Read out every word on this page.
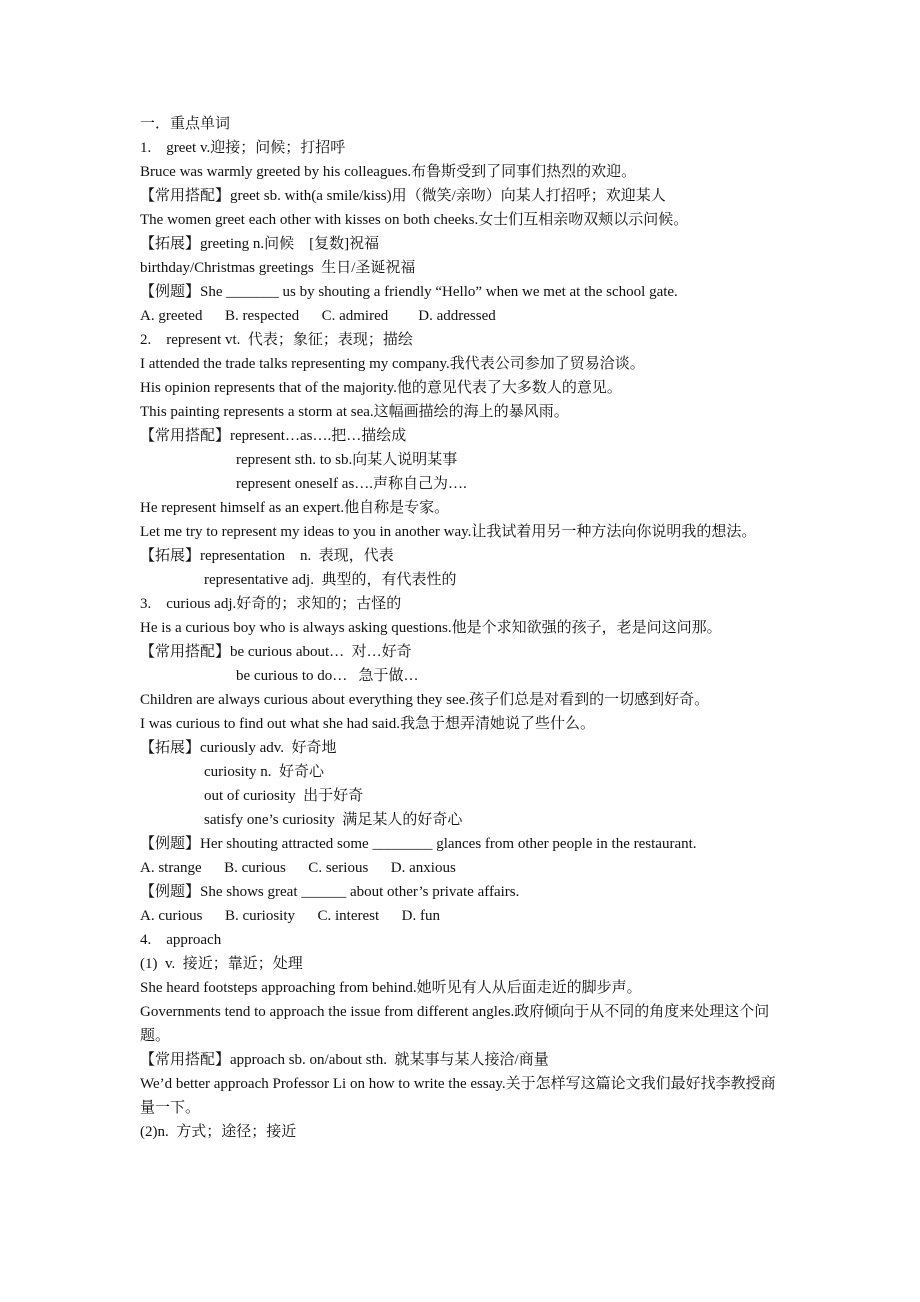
一．重点单词
1.    greet v.迎接；问候；打招呼
Bruce was warmly greeted by his colleagues.布鲁斯受到了同事们热烈的欢迎。
【常用搭配】greet sb. with(a smile/kiss)用（微笑/亲吻）向某人打招呼；欢迎某人
The women greet each other with kisses on both cheeks.女士们互相亲吻双颊以示问候。
【拓展】greeting n.问候    [复数]祝福
birthday/Christmas greetings  生日/圣诞祝福
【例题】She _______ us by shouting a friendly “Hello” when we met at the school gate.
A. greeted      B. respected      C. admired        D. addressed
2.    represent vt.  代表；象征；表现；描绘
I attended the trade talks representing my company.我代表公司参加了贸易洽谈。
His opinion represents that of the majority.他的意见代表了大多数人的意见。
This painting represents a storm at sea.这幅画描绘的海上的暴风雨。
【常用搭配】represent…as….把…描绘成
represent sth. to sb.向某人说明某事
represent oneself as….声称自己为….
He represent himself as an expert.他自称是专家。
Let me try to represent my ideas to you in another way.让我试着用另一种方法向你说明我的想法。
【拓展】representation    n.  表现，代表
representative adj.  典型的，有代表性的
3.    curious adj.好奇的；求知的；古怪的
He is a curious boy who is always asking questions.他是个求知欲强的孩子，老是问这问那。
【常用搭配】be curious about…  对…好奇
be curious to do…   急于做…
Children are always curious about everything they see.孩子们总是对看到的一切感到好奇。
I was curious to find out what she had said.我急于想弄清她说了些什么。
【拓展】curiously adv.  好奇地
curiosity n.  好奇心
out of curiosity  出于好奇
satisfy one’s curiosity  满足某人的好奇心
【例题】Her shouting attracted some ________ glances from other people in the restaurant.
A. strange      B. curious      C. serious      D. anxious
【例题】She shows great ______ about other’s private affairs.
A. curious      B. curiosity      C. interest      D. fun
4.    approach
(1)  v.  接近；靠近；处理
She heard footsteps approaching from behind.她听见有人从后面走近的脚步声。
Governments tend to approach the issue from different angles.政府倾向于从不同的角度来处理这个问题。
【常用搭配】approach sb. on/about sth.  就某事与某人接洽/商量
We’d better approach Professor Li on how to write the essay.关于怎样写这篇论文我们最好找李教授商量一下。
(2)n.  方式；途径；接近
